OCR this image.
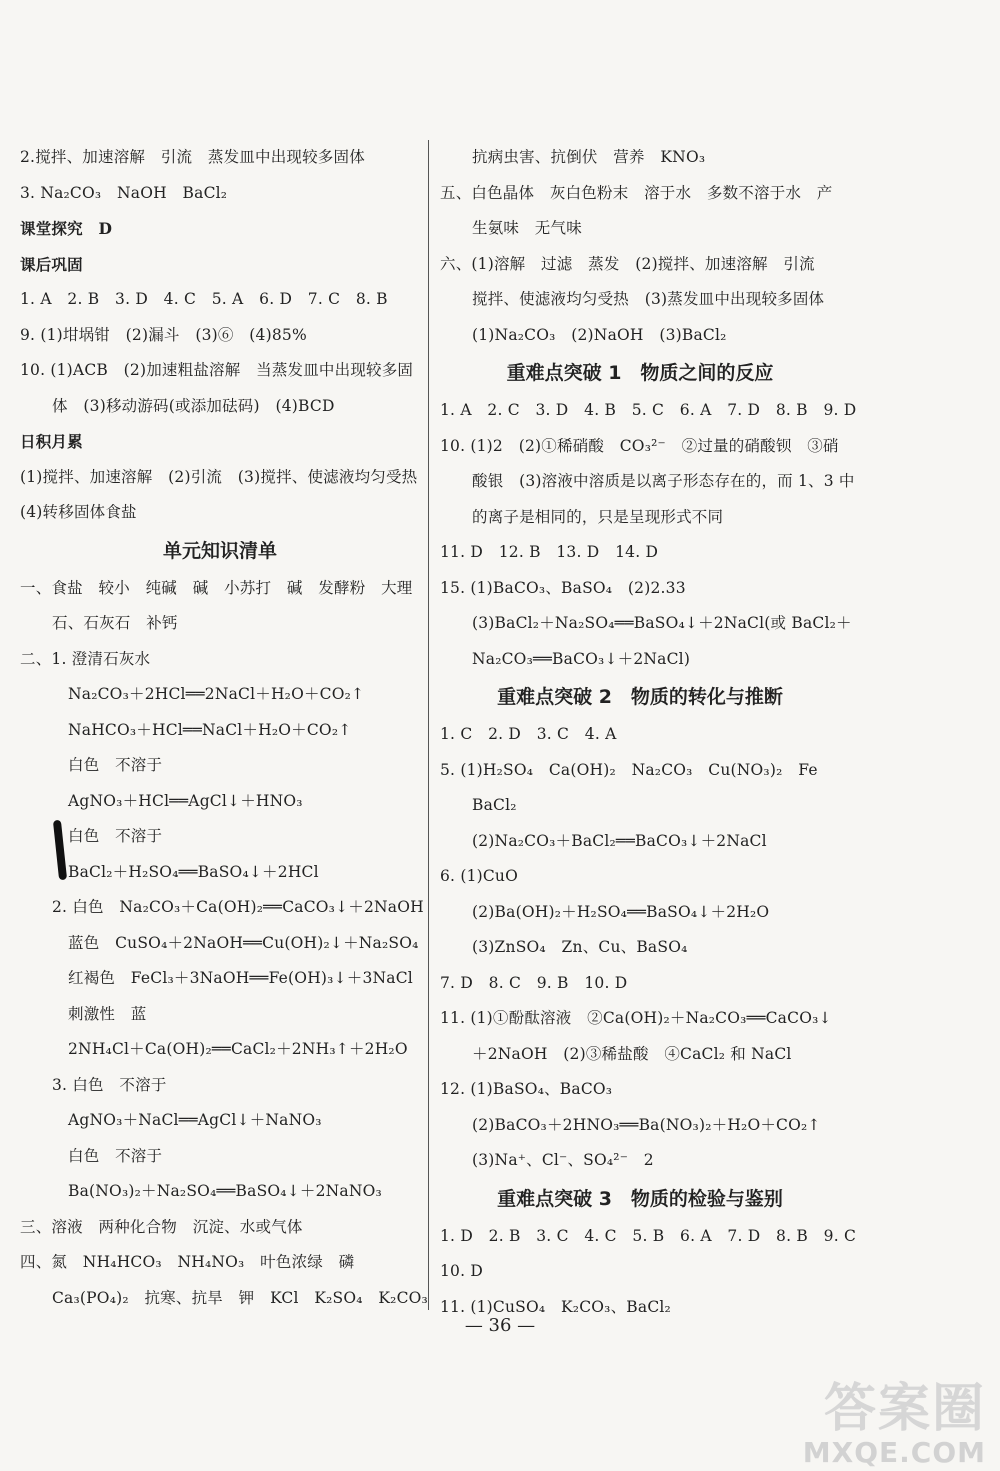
2.搅拌、加速溶解　引流　蒸发皿中出现较多固体
3. Na₂CO₃　NaOH　BaCl₂
课堂探究　D
课后巩固
1. A　2. B　3. D　4. C　5. A　6. D　7. C　8. B
9. (1)坩埚钳　(2)漏斗　(3)⑥　(4)85%
10. (1)ACB　(2)加速粗盐溶解　当蒸发皿中出现较多固
体　(3)移动游码(或添加砝码)　(4)BCD
日积月累
(1)搅拌、加速溶解　(2)引流　(3)搅拌、使滤液均匀受热
(4)转移固体食盐
单元知识清单
一、食盐　较小　纯碱　碱　小苏打　碱　发酵粉　大理
石、石灰石　补钙
二、1. 澄清石灰水
Na₂CO₃＋2HCl══2NaCl＋H₂O＋CO₂↑
NaHCO₃＋HCl══NaCl＋H₂O＋CO₂↑
白色　不溶于
AgNO₃＋HCl══AgCl↓＋HNO₃
白色　不溶于
BaCl₂＋H₂SO₄══BaSO₄↓＋2HCl
2. 白色　Na₂CO₃＋Ca(OH)₂══CaCO₃↓＋2NaOH
蓝色　CuSO₄＋2NaOH══Cu(OH)₂↓＋Na₂SO₄
红褐色　FeCl₃＋3NaOH══Fe(OH)₃↓＋3NaCl
刺激性　蓝
2NH₄Cl＋Ca(OH)₂══CaCl₂＋2NH₃↑＋2H₂O
3. 白色　不溶于
AgNO₃＋NaCl══AgCl↓＋NaNO₃
白色　不溶于
Ba(NO₃)₂＋Na₂SO₄══BaSO₄↓＋2NaNO₃
三、溶液　两种化合物　沉淀、水或气体
四、氮　NH₄HCO₃　NH₄NO₃　叶色浓绿　磷
Ca₃(PO₄)₂　抗寒、抗旱　钾　KCl　K₂SO₄　K₂CO₃
抗病虫害、抗倒伏　营养　KNO₃
五、白色晶体　灰白色粉末　溶于水　多数不溶于水　产
生氨味　无气味
六、(1)溶解　过滤　蒸发　(2)搅拌、加速溶解　引流
搅拌、使滤液均匀受热　(3)蒸发皿中出现较多固体
(1)Na₂CO₃　(2)NaOH　(3)BaCl₂
重难点突破 1　物质之间的反应
1. A　2. C　3. D　4. B　5. C　6. A　7. D　8. B　9. D
10. (1)2　(2)①稀硝酸　CO₃²⁻　②过量的硝酸钡　③硝
酸银　(3)溶液中溶质是以离子形态存在的，而 1、3 中
的离子是相同的，只是呈现形式不同
11. D　12. B　13. D　14. D
15. (1)BaCO₃、BaSO₄　(2)2.33
(3)BaCl₂＋Na₂SO₄══BaSO₄↓＋2NaCl(或 BaCl₂＋
Na₂CO₃══BaCO₃↓＋2NaCl)
重难点突破 2　物质的转化与推断
1. C　2. D　3. C　4. A
5. (1)H₂SO₄　Ca(OH)₂　Na₂CO₃　Cu(NO₃)₂　Fe
BaCl₂
(2)Na₂CO₃＋BaCl₂══BaCO₃↓＋2NaCl
6. (1)CuO
(2)Ba(OH)₂＋H₂SO₄══BaSO₄↓＋2H₂O
(3)ZnSO₄　Zn、Cu、BaSO₄
7. D　8. C　9. B　10. D
11. (1)①酚酞溶液　②Ca(OH)₂＋Na₂CO₃══CaCO₃↓
＋2NaOH　(2)③稀盐酸　④CaCl₂ 和 NaCl
12. (1)BaSO₄、BaCO₃
(2)BaCO₃＋2HNO₃══Ba(NO₃)₂＋H₂O＋CO₂↑
(3)Na⁺、Cl⁻、SO₄²⁻　2
重难点突破 3　物质的检验与鉴别
1. D　2. B　3. C　4. C　5. B　6. A　7. D　8. B　9. C
10. D
11. (1)CuSO₄　K₂CO₃、BaCl₂
— 36 —
答案圈
MXQE.COM
